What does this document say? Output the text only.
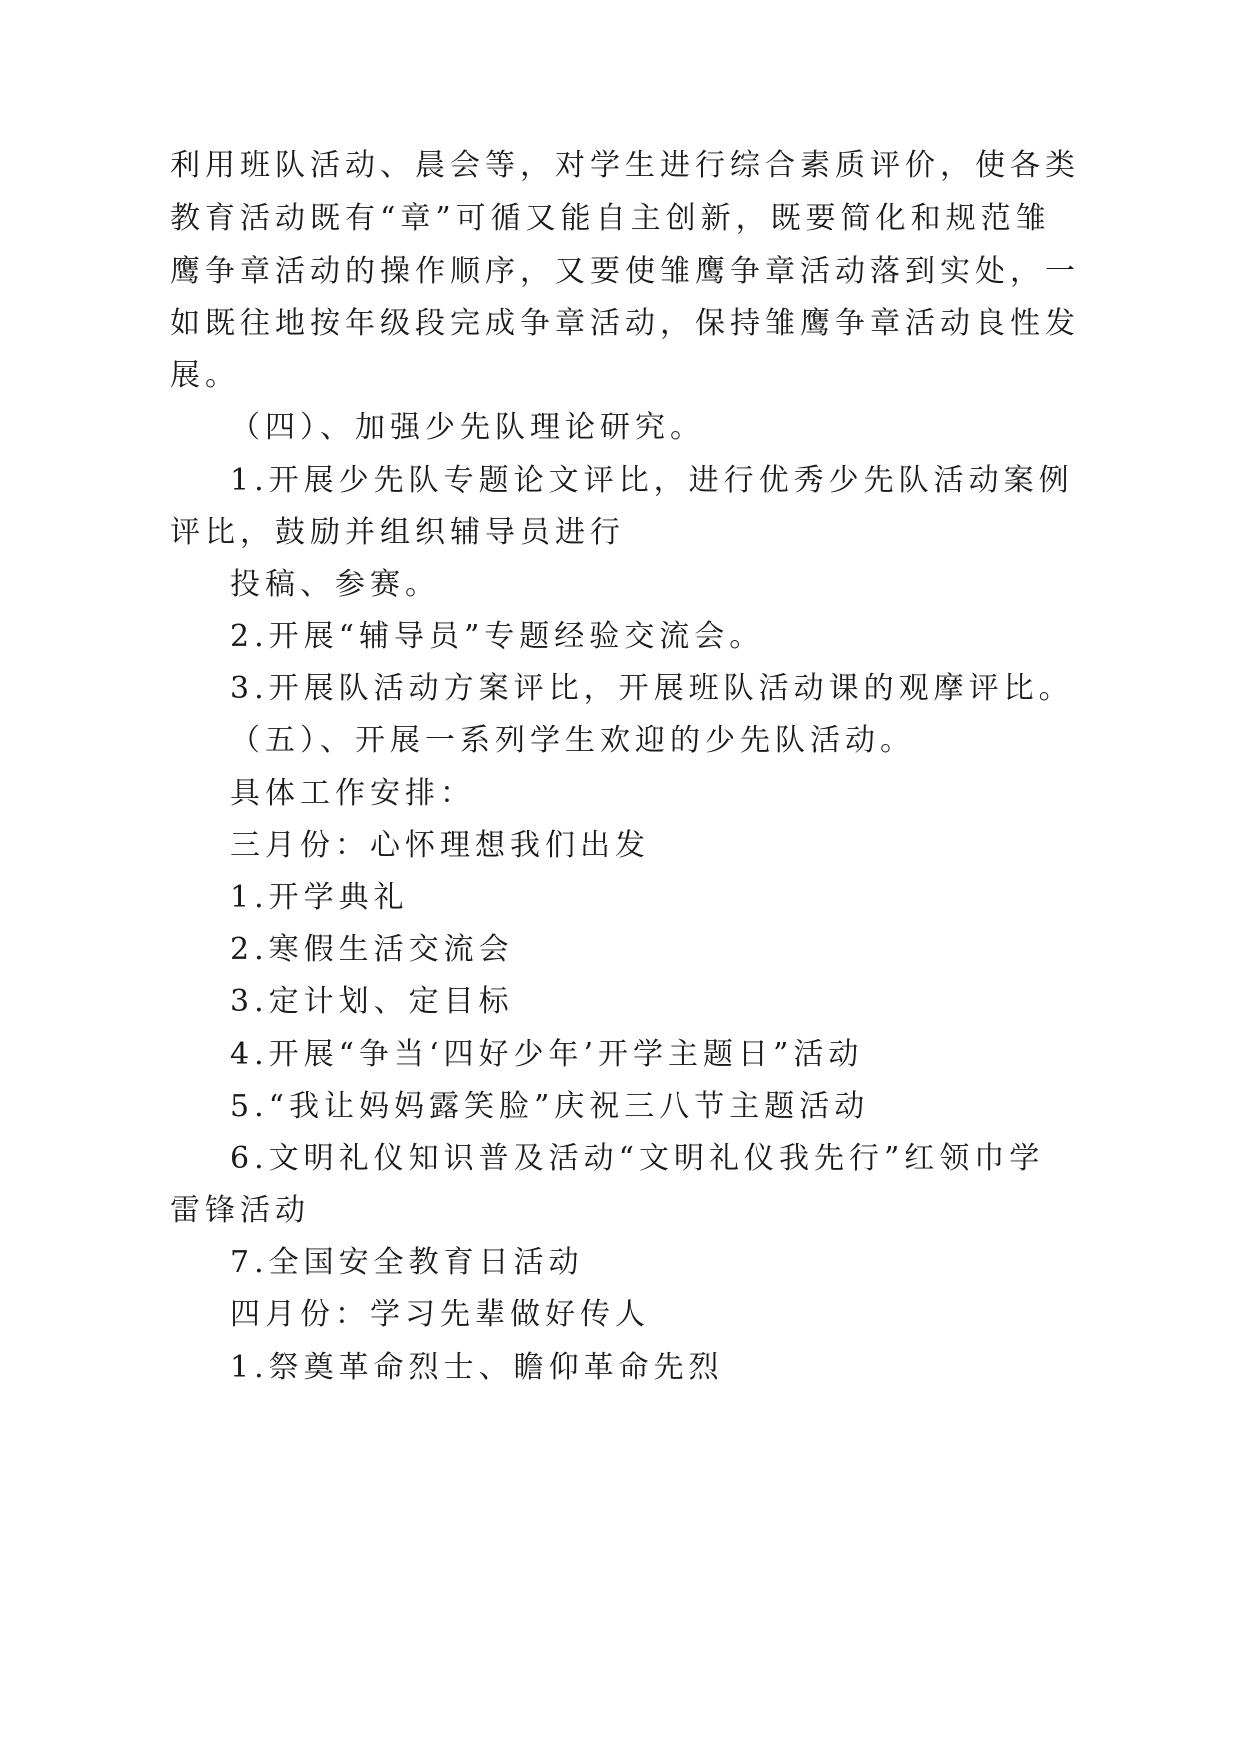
利用班队活动、晨会等，对学生进行综合素质评价，使各类

教育活动既有“章”可循又能自主创新，既要简化和规范雏

鹰争章活动的操作顺序，又要使雏鹰争章活动落到实处，一

如既往地按年级段完成争章活动，保持雏鹰争章活动良性发

展。

（四）、加强少先队理论研究。

1.开展少先队专题论文评比，进行优秀少先队活动案例

评比，鼓励并组织辅导员进行

投稿、参赛。

2.开展“辅导员”专题经验交流会。

3.开展队活动方案评比，开展班队活动课的观摩评比。

（五）、开展一系列学生欢迎的少先队活动。

具体工作安排：

三月份：心怀理想我们出发

1.开学典礼

2.寒假生活交流会

3.定计划、定目标

4.开展“争当‘四好少年’开学主题日”活动

5.“我让妈妈露笑脸”庆祝三八节主题活动

6.文明礼仪知识普及活动“文明礼仪我先行”红领巾学

雷锋活动

7.全国安全教育日活动

四月份：学习先辈做好传人

1.祭奠革命烈士、瞻仰革命先烈
